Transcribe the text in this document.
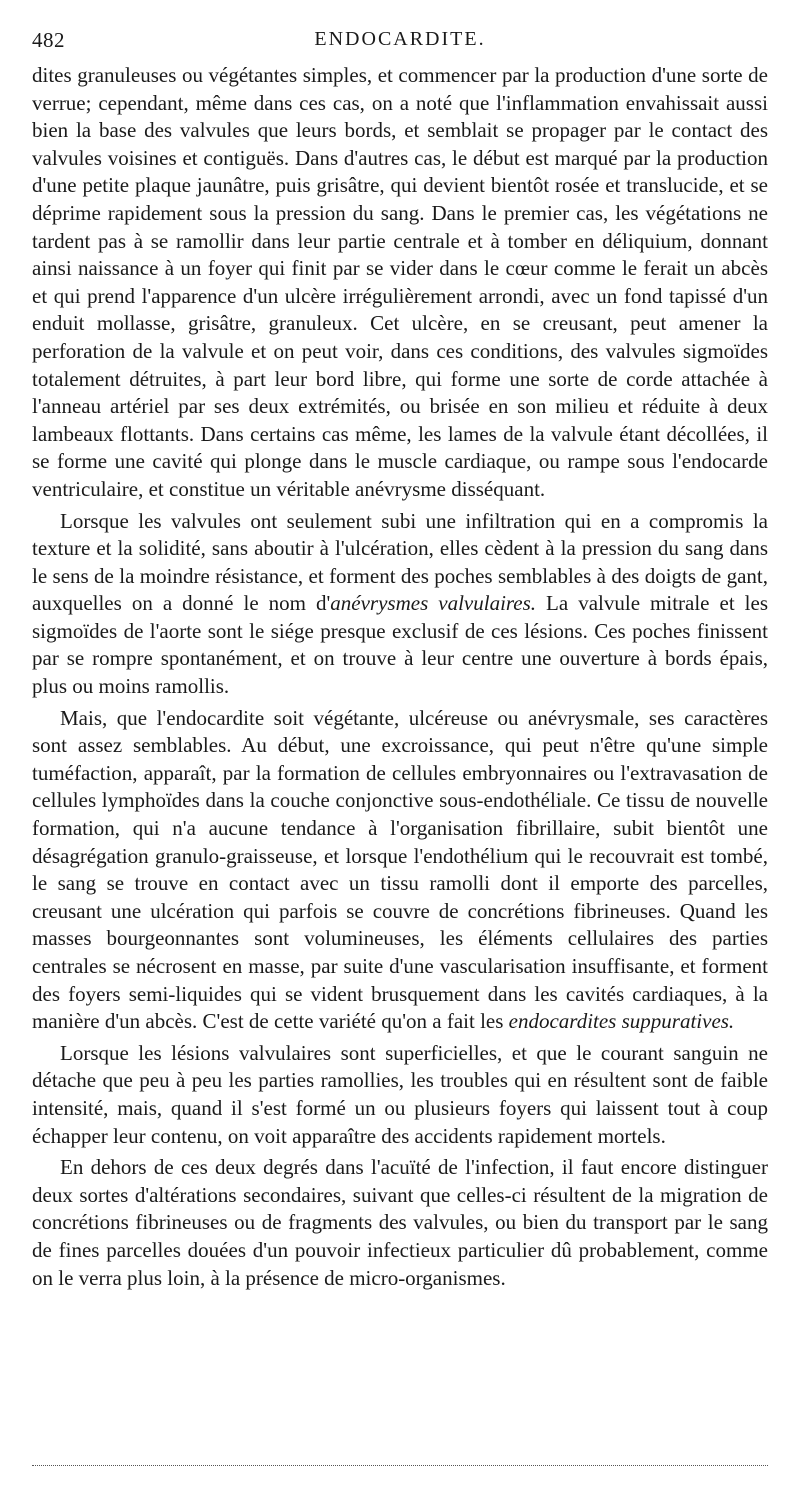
482	ENDOCARDITE.

dites granuleuses ou végétantes simples, et commencer par la production d'une sorte de verrue; cependant, même dans ces cas, on a noté que l'inflammation envahissait aussi bien la base des valvules que leurs bords, et semblait se propager par le contact des valvules voisines et contiguës. Dans d'autres cas, le début est marqué par la production d'une petite plaque jaunâtre, puis grisâtre, qui devient bientôt rosée et translucide, et se déprime rapidement sous la pression du sang. Dans le premier cas, les végétations ne tardent pas à se ramollir dans leur partie centrale et à tomber en déliquium, donnant ainsi naissance à un foyer qui finit par se vider dans le cœur comme le ferait un abcès et qui prend l'apparence d'un ulcère irrégulièrement arrondi, avec un fond tapissé d'un enduit mollasse, grisâtre, granuleux. Cet ulcère, en se creusant, peut amener la perforation de la valvule et on peut voir, dans ces conditions, des valvules sigmoïdes totalement détruites, à part leur bord libre, qui forme une sorte de corde attachée à l'anneau artériel par ses deux extrémités, ou brisée en son milieu et réduite à deux lambeaux flottants. Dans certains cas même, les lames de la valvule étant décollées, il se forme une cavité qui plonge dans le muscle cardiaque, ou rampe sous l'endocarde ventriculaire, et constitue un véritable anévrysme disséquant.

Lorsque les valvules ont seulement subi une infiltration qui en a compromis la texture et la solidité, sans aboutir à l'ulcération, elles cèdent à la pression du sang dans le sens de la moindre résistance, et forment des poches semblables à des doigts de gant, auxquelles on a donné le nom d'anévrysmes valvulaires. La valvule mitrale et les sigmoïdes de l'aorte sont le siége presque exclusif de ces lésions. Ces poches finissent par se rompre spontanément, et on trouve à leur centre une ouverture à bords épais, plus ou moins ramollis.

Mais, que l'endocardite soit végétante, ulcéreuse ou anévrysmale, ses caractères sont assez semblables. Au début, une excroissance, qui peut n'être qu'une simple tuméfaction, apparaît, par la formation de cellules embryonnaires ou l'extravasation de cellules lymphoïdes dans la couche conjonctive sous-endothéliale. Ce tissu de nouvelle formation, qui n'a aucune tendance à l'organisation fibrillaire, subit bientôt une désagrégation granulo-graisseuse, et lorsque l'endothélium qui le recouvrait est tombé, le sang se trouve en contact avec un tissu ramolli dont il emporte des parcelles, creusant une ulcération qui parfois se couvre de concrétions fibrineuses. Quand les masses bourgeonnantes sont volumineuses, les éléments cellulaires des parties centrales se nécrosent en masse, par suite d'une vascularisation insuffisante, et forment des foyers semi-liquides qui se vident brusquement dans les cavités cardiaques, à la manière d'un abcès. C'est de cette variété qu'on a fait les endocardites suppuratives.

Lorsque les lésions valvulaires sont superficielles, et que le courant sanguin ne détache que peu à peu les parties ramollies, les troubles qui en résultent sont de faible intensité, mais, quand il s'est formé un ou plusieurs foyers qui laissent tout à coup échapper leur contenu, on voit apparaître des accidents rapidement mortels.

En dehors de ces deux degrés dans l'acuïté de l'infection, il faut encore distinguer deux sortes d'altérations secondaires, suivant que celles-ci résultent de la migration de concrétions fibrineuses ou de fragments des valvules, ou bien du transport par le sang de fines parcelles douées d'un pouvoir infectieux particulier dû probablement, comme on le verra plus loin, à la présence de micro-organismes.
